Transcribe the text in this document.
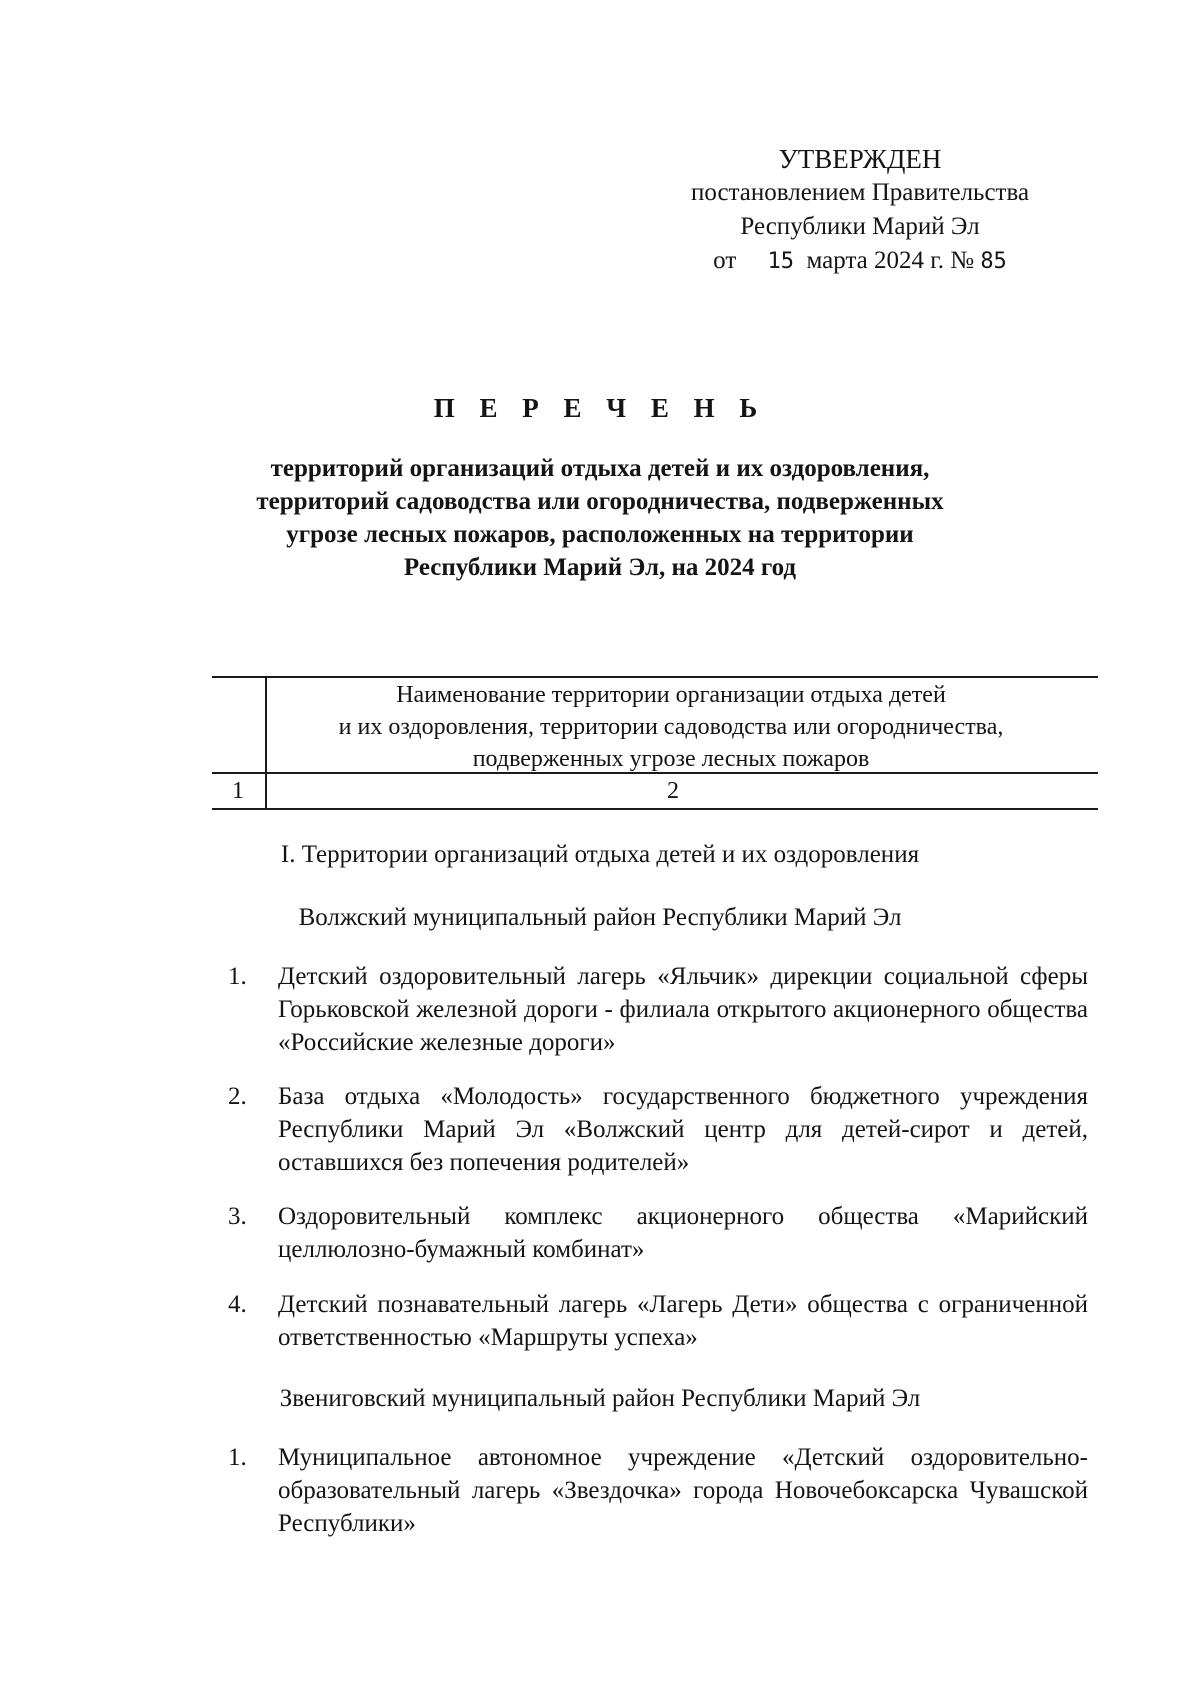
УТВЕРЖДЕН
постановлением Правительства
Республики Марий Эл
от 15 марта 2024 г. № 85
П Е Р Е Ч Е Н Ь
территорий организаций отдыха детей и их оздоровления,
территорий садоводства или огородничества, подверженных
угрозе лесных пожаров, расположенных на территории
Республики Марий Эл, на 2024 год
Наименование территории организации отдыха детей
и их оздоровления, территории садоводства или огородничества,
подверженных угрозе лесных пожаров
1	2
I. Территории организаций отдыха детей и их оздоровления
Волжский муниципальный район Республики Марий Эл
1. Детский оздоровительный лагерь «Яльчик» дирекции социальной сферы Горьковской железной дороги - филиала открытого акционерного общества «Российские железные дороги»
2. База отдыха «Молодость» государственного бюджетного учреждения Республики Марий Эл «Волжский центр для детей-сирот и детей, оставшихся без попечения родителей»
3. Оздоровительный комплекс акционерного общества «Марийский целлюлозно-бумажный комбинат»
4. Детский познавательный лагерь «Лагерь Дети» общества с ограниченной ответственностью «Маршруты успеха»
Звениговский муниципальный район Республики Марий Эл
1. Муниципальное автономное учреждение «Детский оздоровительно-образовательный лагерь «Звездочка» города Новочебоксарска Чувашской Республики»
